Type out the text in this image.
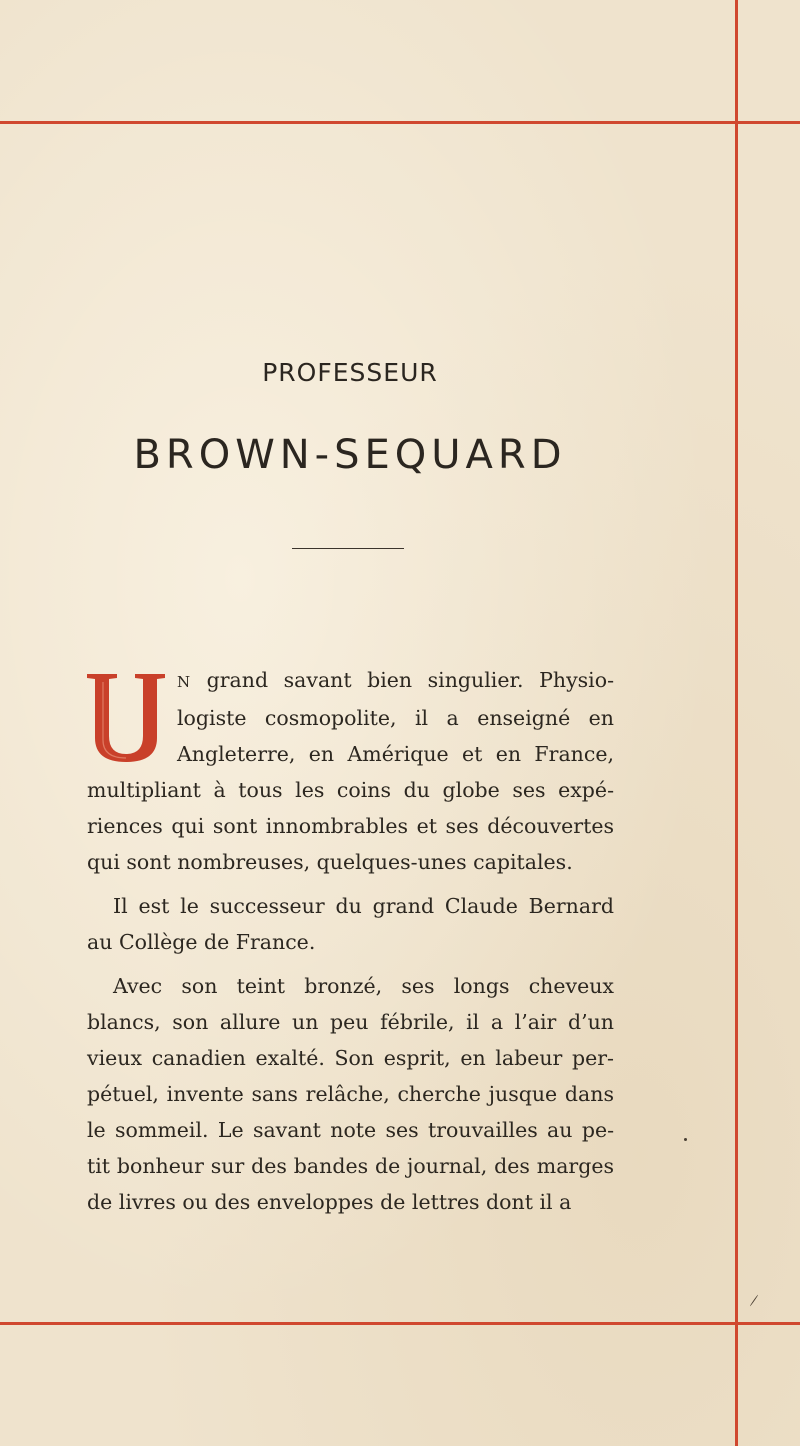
PROFESSEUR
BROWN-SEQUARD

U
N grand savant bien singulier. Physio-logiste cosmopolite, il a enseigné en Angleterre, en Amérique et en France, multipliant à tous les coins du globe ses expé-riences qui sont innombrables et ses découvertes qui sont nombreuses, quelques-unes capitales.

Il est le successeur du grand Claude Bernard au Collège de France.

Avec son teint bronzé, ses longs cheveux blancs, son allure un peu fébrile, il a l’air d’un vieux canadien exalté. Son esprit, en labeur per-pétuel, invente sans relâche, cherche jusque dans le sommeil. Le savant note ses trouvailles au pe-tit bonheur sur des bandes de journal, des marges de livres ou des enveloppes de lettres dont il a
